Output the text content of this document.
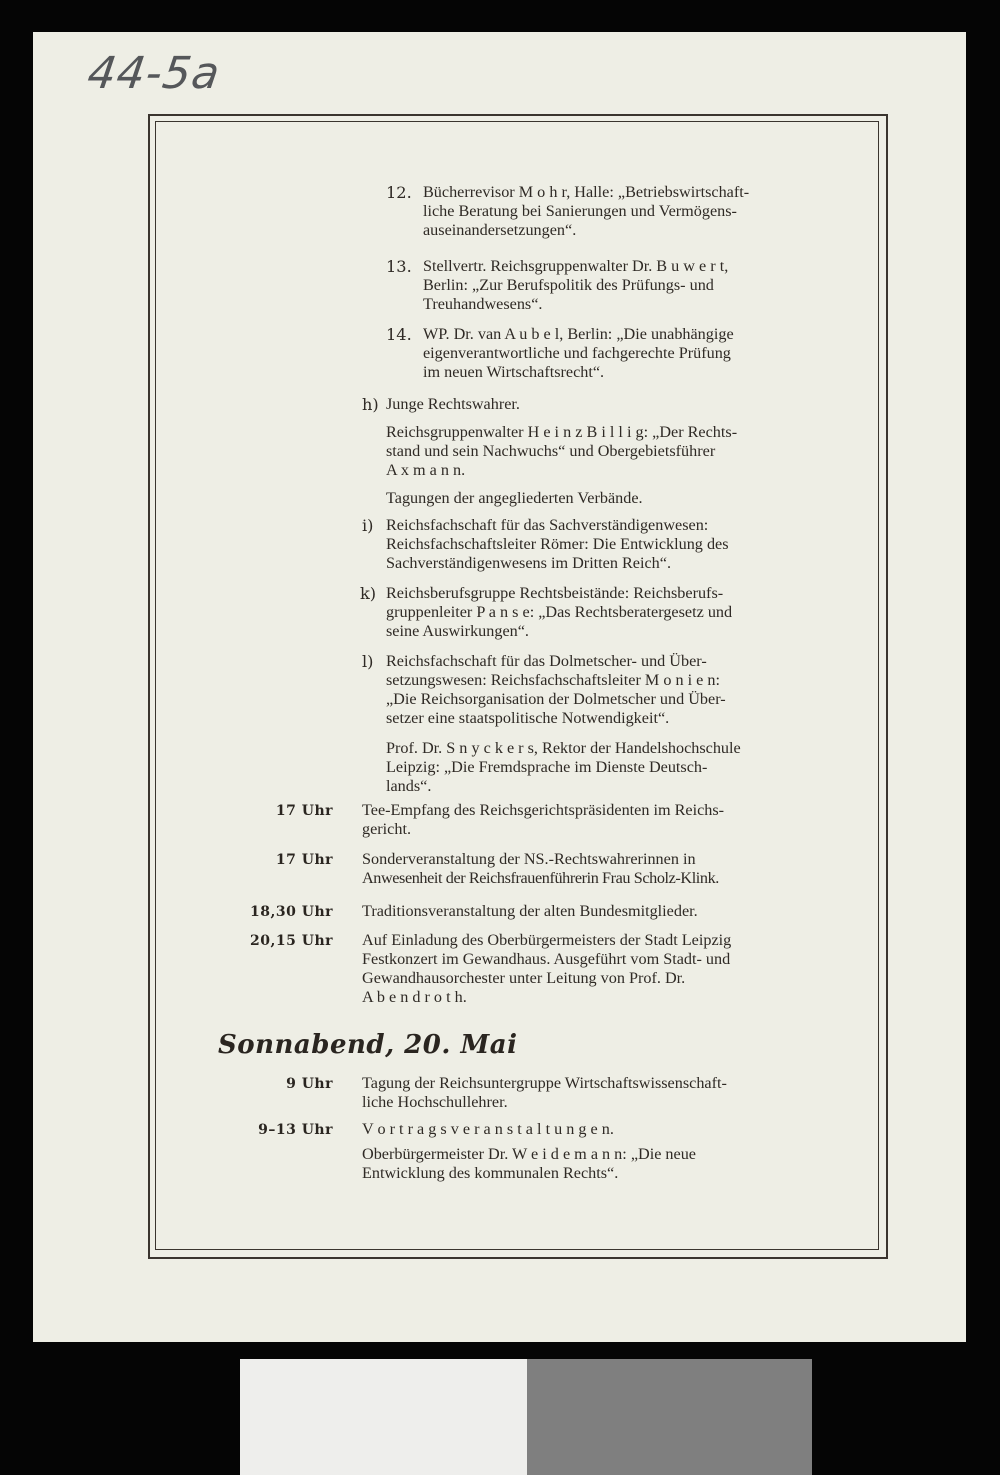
44-5a
12. Bücherrevisor M o h r, Halle: „Betriebswirtschaft-
liche Beratung bei Sanierungen und Vermögens-
auseinandersetzungen“.
13. Stellvertr. Reichsgruppenwalter Dr. B u w e r t,
Berlin: „Zur Berufspolitik des Prüfungs- und
Treuhandwesens“.
14. WP. Dr. van A u b e l, Berlin: „Die unabhängige
eigenverantwortliche und fachgerechte Prüfung
im neuen Wirtschaftsrecht“.
h) Junge Rechtswahrer.
Reichsgruppenwalter H e i n z B i l l i g: „Der Rechts-
stand und sein Nachwuchs“ und Obergebietsführer
A x m a n n.
Tagungen der angegliederten Verbände.
i) Reichsfachschaft für das Sachverständigenwesen:
Reichsfachschaftsleiter Römer: Die Entwicklung des
Sachverständigenwesens im Dritten Reich“.
k) Reichsberufsgruppe Rechtsbeistände: Reichsberufs-
gruppenleiter P a n s e: „Das Rechtsberatergesetz und
seine Auswirkungen“.
l) Reichsfachschaft für das Dolmetscher- und Über-
setzungswesen: Reichsfachschaftsleiter M o n i e n:
„Die Reichsorganisation der Dolmetscher und Über-
setzer eine staatspolitische Notwendigkeit“.
Prof. Dr. S n y c k e r s, Rektor der Handelshochschule
Leipzig: „Die Fremdsprache im Dienste Deutsch-
lands“.
17 Uhr Tee-Empfang des Reichsgerichtspräsidenten im Reichs-
gericht.
17 Uhr Sonderveranstaltung der NS.-Rechtswahrerinnen in
Anwesenheit der Reichsfrauenführerin Frau Scholz-Klink.
18,30 Uhr Traditionsveranstaltung der alten Bundesmitglieder.
20,15 Uhr Auf Einladung des Oberbürgermeisters der Stadt Leipzig
Festkonzert im Gewandhaus. Ausgeführt vom Stadt- und
Gewandhausorchester unter Leitung von Prof. Dr.
A b e n d r o t h.
Sonnabend, 20. Mai
9 Uhr Tagung der Reichsuntergruppe Wirtschaftswissenschaft-
liche Hochschullehrer.
9–13 Uhr V o r t r a g s v e r a n s t a l t u n g e n.
Oberbürgermeister Dr. W e i d e m a n n: „Die neue
Entwicklung des kommunalen Rechts“.
